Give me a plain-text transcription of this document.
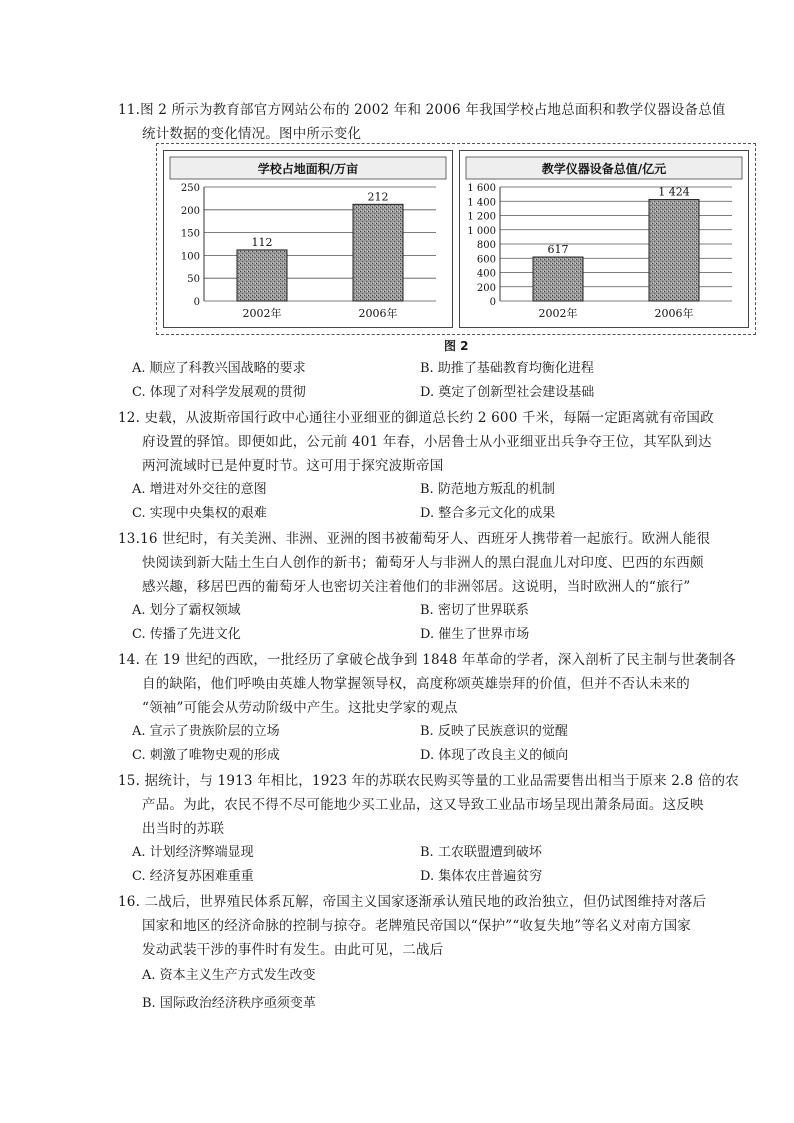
11.图 2 所示为教育部官方网站公布的 2002 年和 2006 年我国学校占地总面积和教学仪器设备总值
统计数据的变化情况。图中所示变化
学校占地面积/万亩
0
50
100
150
200
250
112
2002年
212
2006年
教学仪器设备总值/亿元
0
200
400
600
800
1 000
1 200
1 400
1 600
617
2002年
1 424
2006年
图 2
A. 顺应了科教兴国战略的要求	B. 助推了基础教育均衡化进程
C. 体现了对科学发展观的贯彻	D. 奠定了创新型社会建设基础
12. 史载，从波斯帝国行政中心通往小亚细亚的御道总长约 2 600 千米，每隔一定距离就有帝国政
府设置的驿馆。即便如此，公元前 401 年春，小居鲁士从小亚细亚出兵争夺王位，其军队到达
两河流域时已是仲夏时节。这可用于探究波斯帝国
A. 增进对外交往的意图	B. 防范地方叛乱的机制
C. 实现中央集权的艰难	D. 整合多元文化的成果
13.16 世纪时，有关美洲、非洲、亚洲的图书被葡萄牙人、西班牙人携带着一起旅行。欧洲人能很
快阅读到新大陆土生白人创作的新书；葡萄牙人与非洲人的黑白混血儿对印度、巴西的东西颇
感兴趣，移居巴西的葡萄牙人也密切关注着他们的非洲邻居。这说明，当时欧洲人的“旅行”
A. 划分了霸权领域	B. 密切了世界联系
C. 传播了先进文化	D. 催生了世界市场
14. 在 19 世纪的西欧，一批经历了拿破仑战争到 1848 年革命的学者，深入剖析了民主制与世袭制各
自的缺陷，他们呼唤由英雄人物掌握领导权，高度称颂英雄崇拜的价值，但并不否认未来的
“领袖”可能会从劳动阶级中产生。这批史学家的观点
A. 宣示了贵族阶层的立场	B. 反映了民族意识的觉醒
C. 刺激了唯物史观的形成	D. 体现了改良主义的倾向
15. 据统计，与 1913 年相比，1923 年的苏联农民购买等量的工业品需要售出相当于原来 2.8 倍的农
产品。为此，农民不得不尽可能地少买工业品，这又导致工业品市场呈现出萧条局面。这反映
出当时的苏联
A. 计划经济弊端显现	B. 工农联盟遭到破坏
C. 经济复苏困难重重	D. 集体农庄普遍贫穷
16. 二战后，世界殖民体系瓦解，帝国主义国家逐渐承认殖民地的政治独立，但仍试图维持对落后
国家和地区的经济命脉的控制与掠夺。老牌殖民帝国以“保护”“收复失地”等名义对南方国家
发动武装干涉的事件时有发生。由此可见，二战后
A. 资本主义生产方式发生改变
B. 国际政治经济秩序亟须变革
